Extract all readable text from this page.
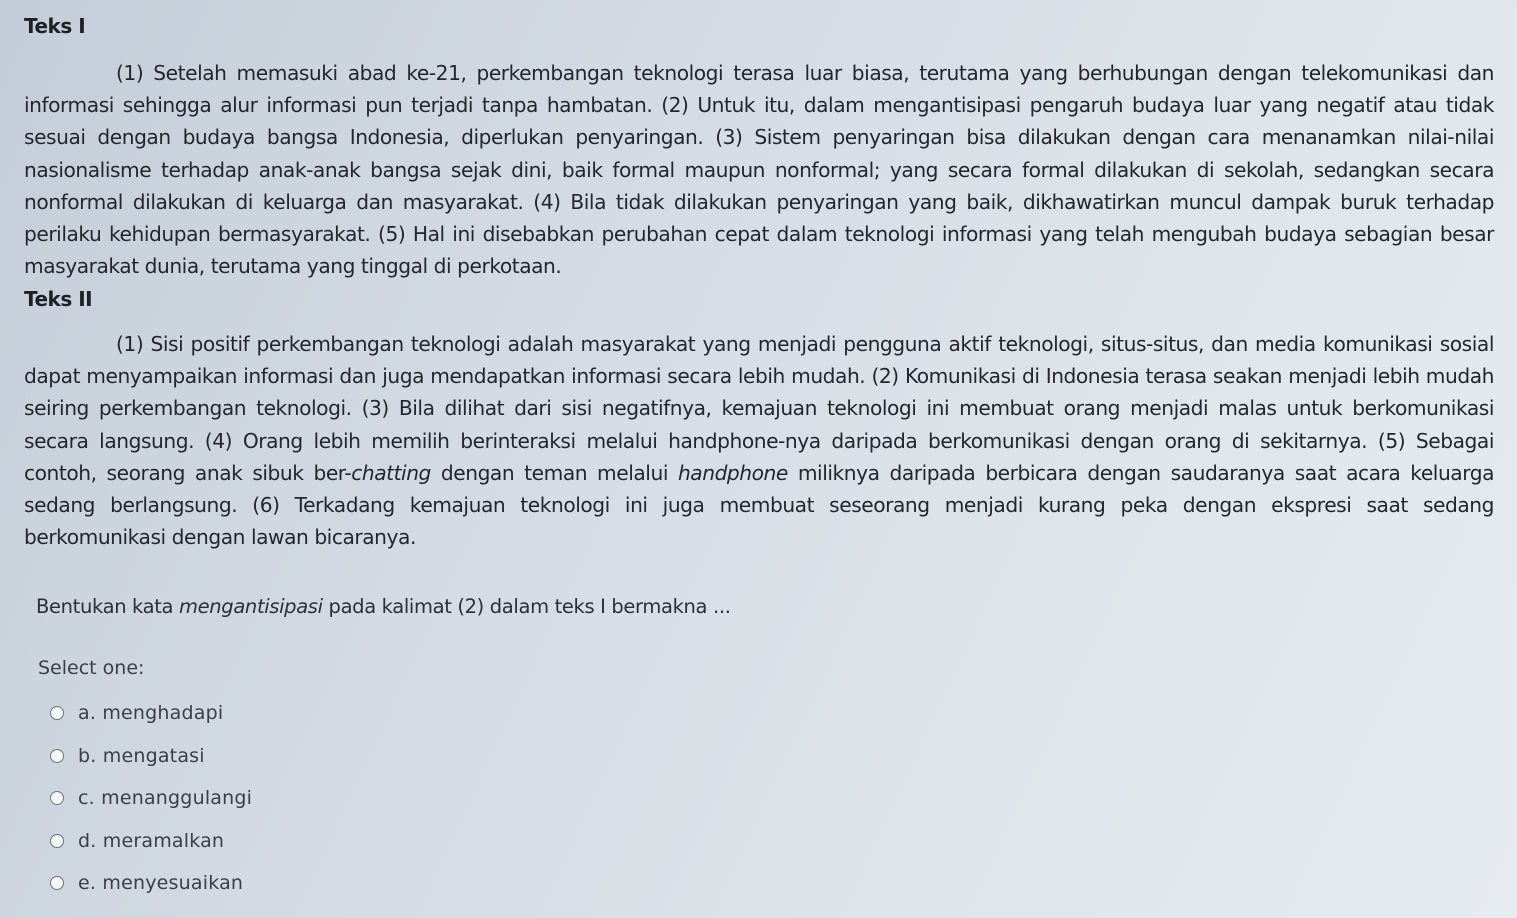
Teks I

(1) Setelah memasuki abad ke-21, perkembangan teknologi terasa luar biasa, terutama yang berhubungan dengan telekomunikasi dan informasi sehingga alur informasi pun terjadi tanpa hambatan. (2) Untuk itu, dalam mengantisipasi pengaruh budaya luar yang negatif atau tidak sesuai dengan budaya bangsa Indonesia, diperlukan penyaringan. (3) Sistem penyaringan bisa dilakukan dengan cara menanamkan nilai-nilai nasionalisme terhadap anak-anak bangsa sejak dini, baik formal maupun nonformal; yang secara formal dilakukan di sekolah, sedangkan secara nonformal dilakukan di keluarga dan masyarakat. (4) Bila tidak dilakukan penyaringan yang baik, dikhawatirkan muncul dampak buruk terhadap perilaku kehidupan bermasyarakat. (5) Hal ini disebabkan perubahan cepat dalam teknologi informasi yang telah mengubah budaya sebagian besar masyarakat dunia, terutama yang tinggal di perkotaan.

Teks II

(1) Sisi positif perkembangan teknologi adalah masyarakat yang menjadi pengguna aktif teknologi, situs-situs, dan media komunikasi sosial dapat menyampaikan informasi dan juga mendapatkan informasi secara lebih mudah. (2) Komunikasi di Indonesia terasa seakan menjadi lebih mudah seiring perkembangan teknologi. (3) Bila dilihat dari sisi negatifnya, kemajuan teknologi ini membuat orang menjadi malas untuk berkomunikasi secara langsung. (4) Orang lebih memilih berinteraksi melalui handphone-nya daripada berkomunikasi dengan orang di sekitarnya. (5) Sebagai contoh, seorang anak sibuk ber-chatting dengan teman melalui handphone miliknya daripada berbicara dengan saudaranya saat acara keluarga sedang berlangsung. (6) Terkadang kemajuan teknologi ini juga membuat seseorang menjadi kurang peka dengan ekspresi saat sedang berkomunikasi dengan lawan bicaranya.

Bentukan kata mengantisipasi pada kalimat (2) dalam teks I bermakna ...
Select one:
a. menghadapi
b. mengatasi
c. menanggulangi
d. meramalkan
e. menyesuaikan
